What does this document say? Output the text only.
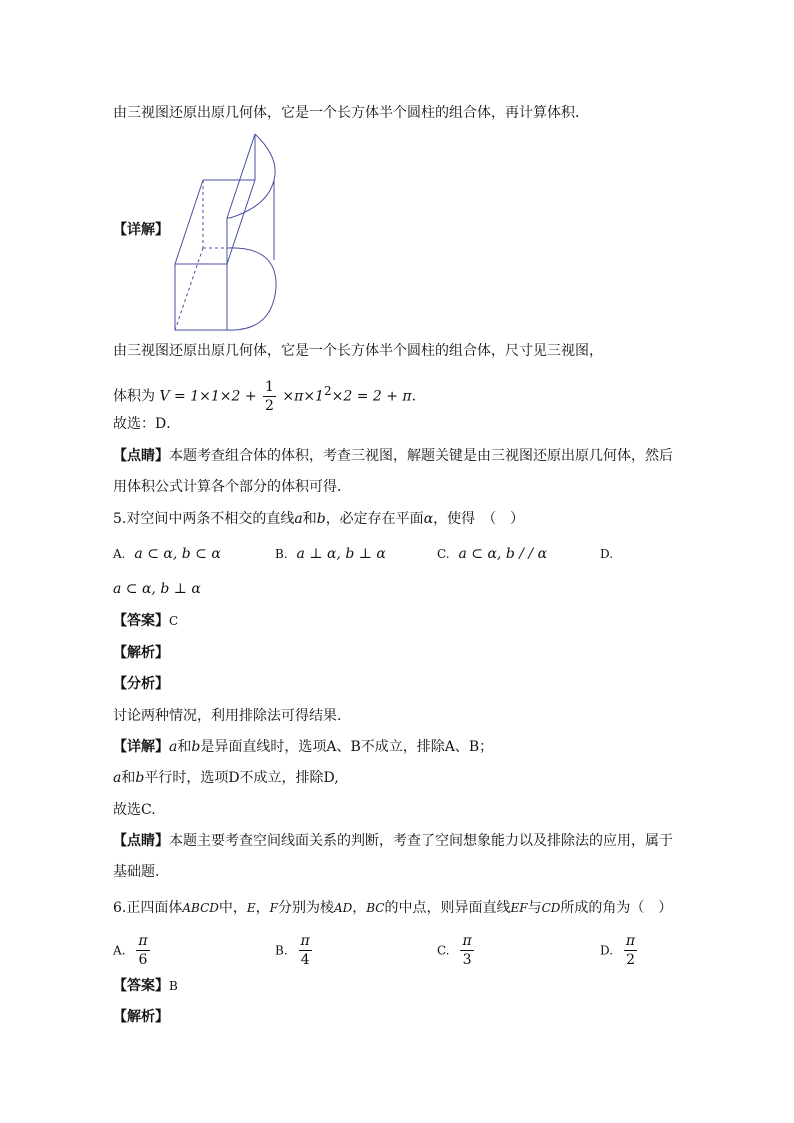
由三视图还原出原几何体，它是一个长方体半个圆柱的组合体，再计算体积．
【详解】
由三视图还原出原几何体，它是一个长方体半个圆柱的组合体，尺寸见三视图，
体积为 $V = 1\times 1\times 2 + \frac{1}{2} \times\pi\times 1^2\times 2 = 2 + \pi$．
故选：D．
【点睛】本题考查组合体的体积，考查三视图，解题关键是由三视图还原出原几何体，然后
用体积公式计算各个部分的体积可得．
5.对空间中两条不相交的直线a和b，必定存在平面α，使得　（　）
A. a ⊂ α, b ⊂ α	B. a ⊥ α, b ⊥ α	C. a ⊂ α, b / / α	D.
a ⊂ α, b ⊥ α
【答案】C
【解析】
【分析】
讨论两种情况，利用排除法可得结果.
【详解】a和b是异面直线时，选项A、B不成立，排除A、B；
a和b平行时，选项D不成立，排除D,
故选C.
【点睛】本题主要考查空间线面关系的判断，考查了空间想象能力以及排除法的应用，属于
基础题.
6.正四面体ABCD中，E，F分别为棱AD，BC的中点，则异面直线EF与CD所成的角为（　）
A. $\frac{\pi}{6}$	B. $\frac{\pi}{4}$	C. $\frac{\pi}{3}$	D. $\frac{\pi}{2}$
【答案】B
【解析】
